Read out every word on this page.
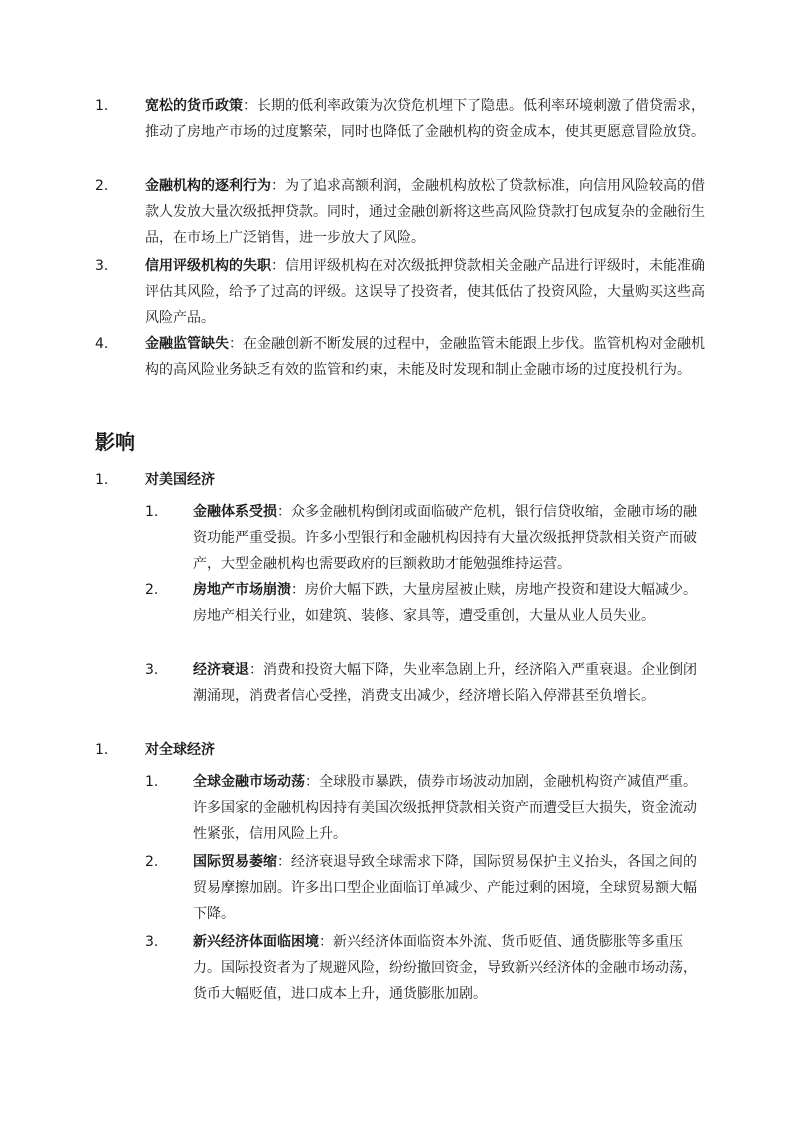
1.	宽松的货币政策：长期的低利率政策为次贷危机埋下了隐患。低利率环境刺激了借贷需求，推动了房地产市场的过度繁荣，同时也降低了金融机构的资金成本，使其更愿意冒险放贷。
2.	金融机构的逐利行为：为了追求高额利润，金融机构放松了贷款标准，向信用风险较高的借款人发放大量次级抵押贷款。同时，通过金融创新将这些高风险贷款打包成复杂的金融衍生品，在市场上广泛销售，进一步放大了风险。
3.	信用评级机构的失职：信用评级机构在对次级抵押贷款相关金融产品进行评级时，未能准确评估其风险，给予了过高的评级。这误导了投资者，使其低估了投资风险，大量购买这些高风险产品。
4.	金融监管缺失：在金融创新不断发展的过程中，金融监管未能跟上步伐。监管机构对金融机构的高风险业务缺乏有效的监管和约束，未能及时发现和制止金融市场的过度投机行为。
影响
1.	对美国经济
1. 金融体系受损：众多金融机构倒闭或面临破产危机，银行信贷收缩，金融市场的融资功能严重受损。许多小型银行和金融机构因持有大量次级抵押贷款相关资产而破产，大型金融机构也需要政府的巨额救助才能勉强维持运营。
2. 房地产市场崩溃：房价大幅下跌，大量房屋被止赎，房地产投资和建设大幅减少。房地产相关行业，如建筑、装修、家具等，遭受重创，大量从业人员失业。
3. 经济衰退：消费和投资大幅下降，失业率急剧上升，经济陷入严重衰退。企业倒闭潮涌现，消费者信心受挫，消费支出减少，经济增长陷入停滞甚至负增长。
1.	对全球经济
1. 全球金融市场动荡：全球股市暴跌，债券市场波动加剧，金融机构资产减值严重。许多国家的金融机构因持有美国次级抵押贷款相关资产而遭受巨大损失，资金流动性紧张，信用风险上升。
2. 国际贸易萎缩：经济衰退导致全球需求下降，国际贸易保护主义抬头，各国之间的贸易摩擦加剧。许多出口型企业面临订单减少、产能过剩的困境，全球贸易额大幅下降。
3. 新兴经济体面临困境：新兴经济体面临资本外流、货币贬值、通货膨胀等多重压力。国际投资者为了规避风险，纷纷撤回资金，导致新兴经济体的金融市场动荡，货币大幅贬值，进口成本上升，通货膨胀加剧。
